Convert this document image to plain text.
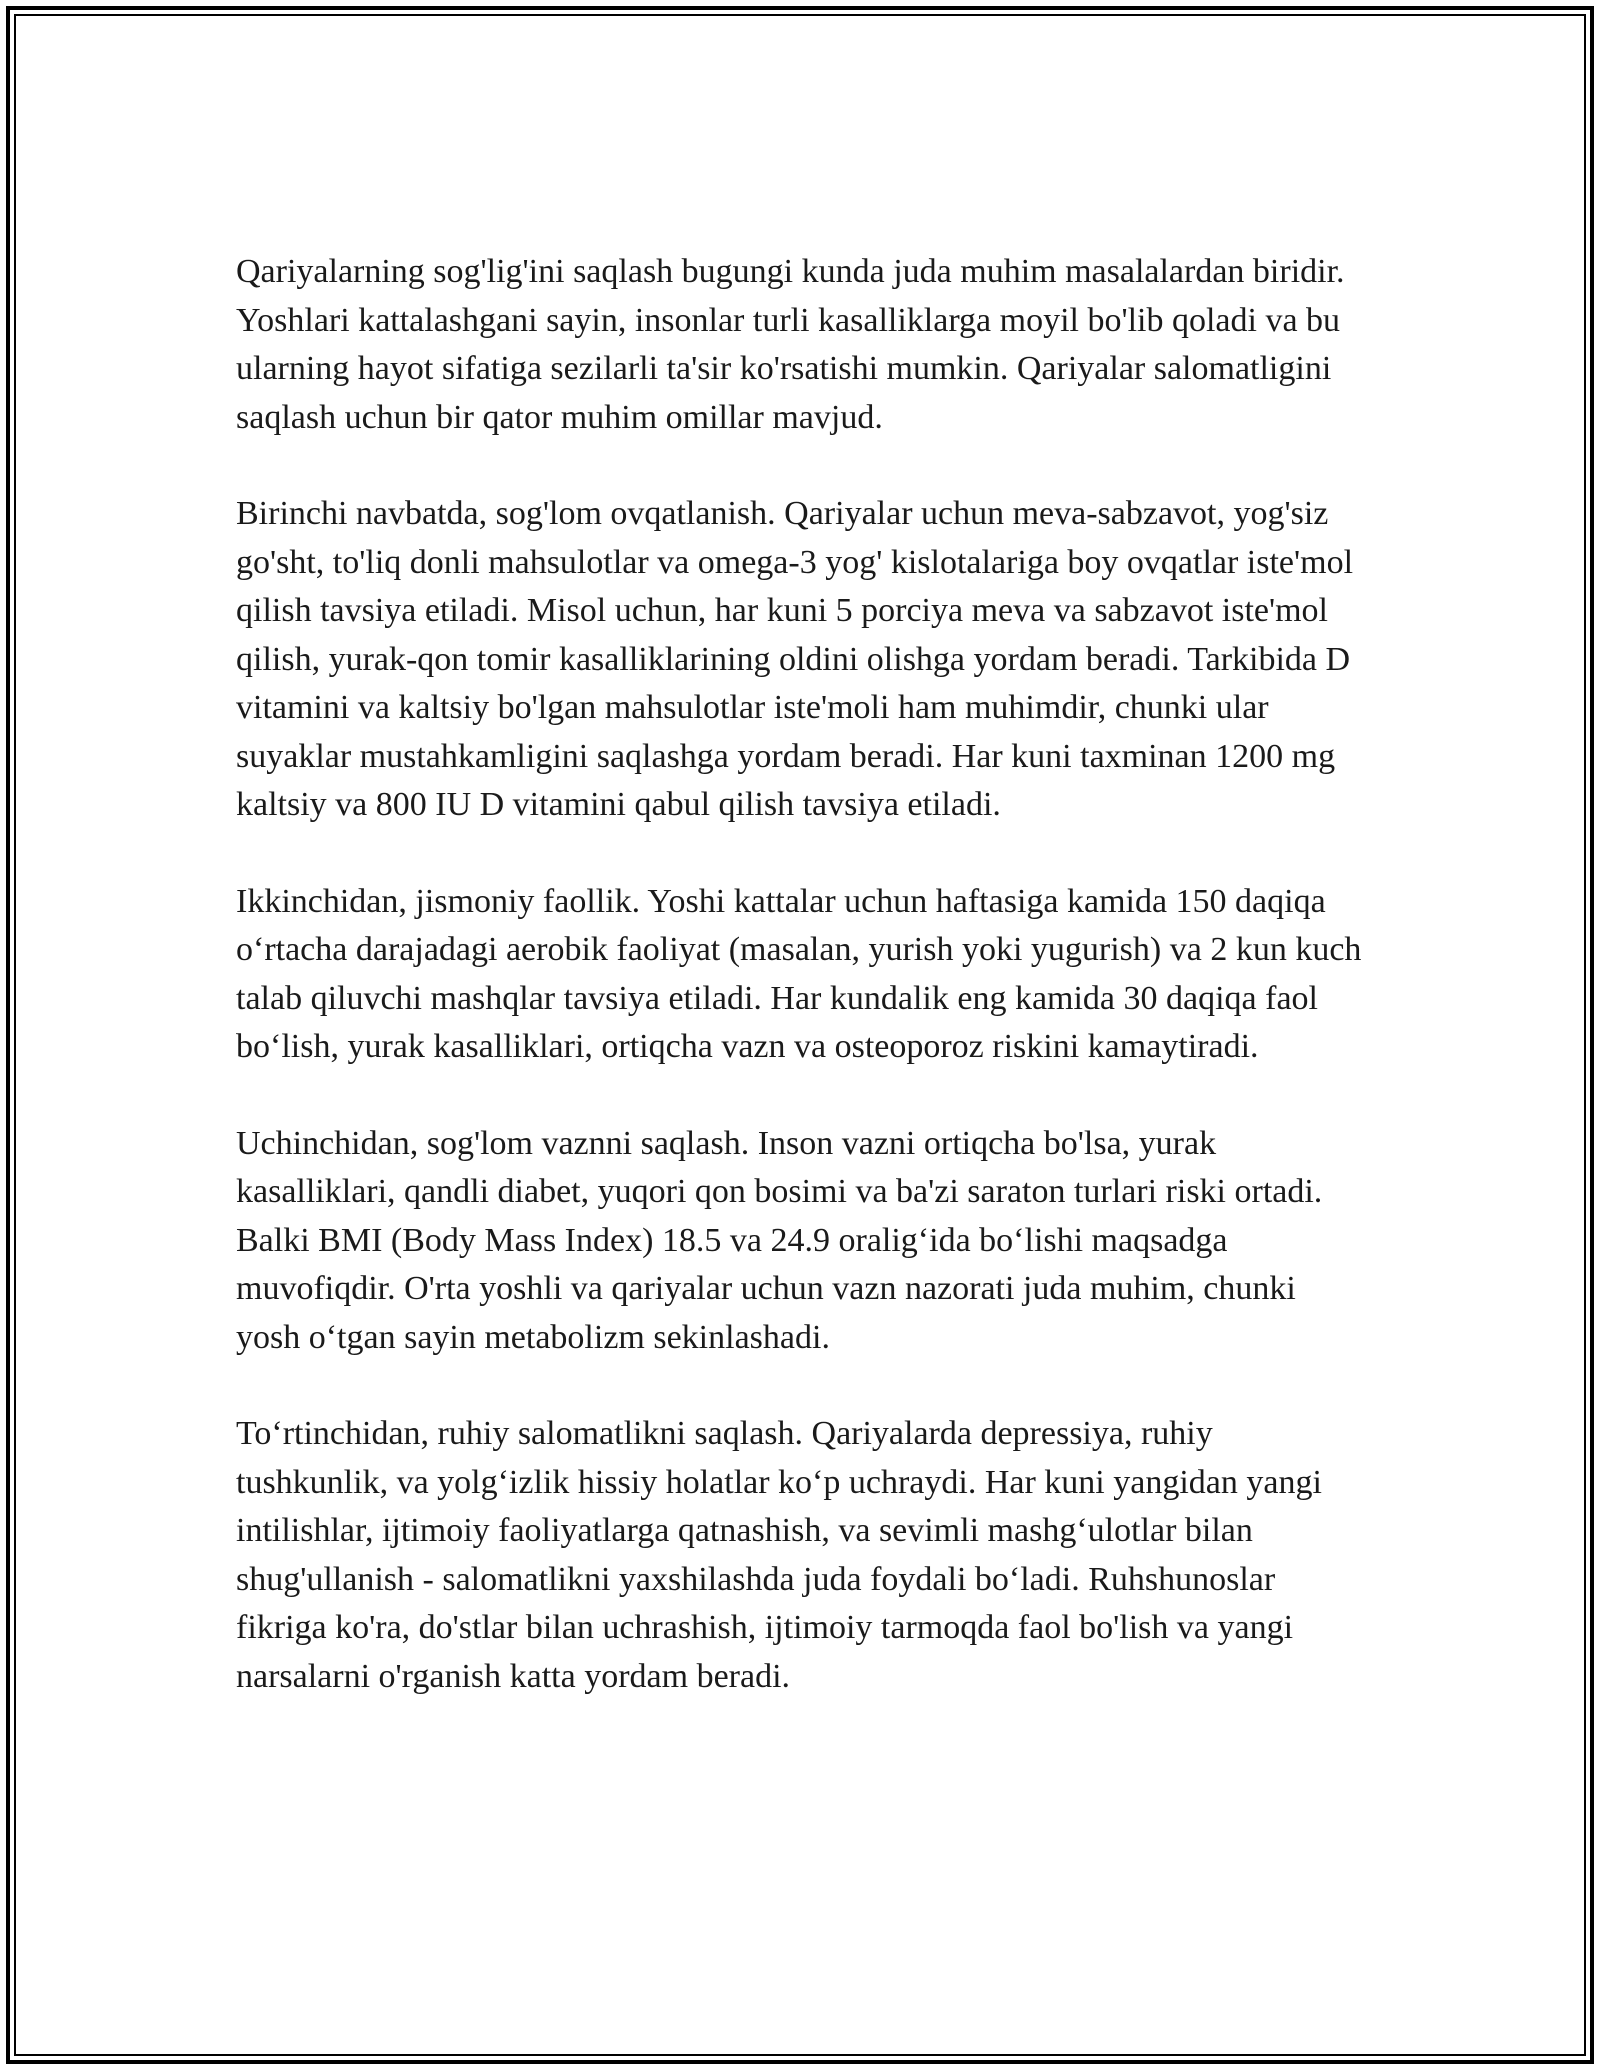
Qariyalarning sog'lig'ini saqlash bugungi kunda juda muhim masalalardan biridir. Yoshlari kattalashgani sayin, insonlar turli kasalliklarga moyil bo'lib qoladi va bu ularning hayot sifatiga sezilarli ta'sir ko'rsatishi mumkin. Qariyalar salomatligini saqlash uchun bir qator muhim omillar mavjud.

Birinchi navbatda, sog'lom ovqatlanish. Qariyalar uchun meva-sabzavot, yog'siz go'sht, to'liq donli mahsulotlar va omega-3 yog' kislotalariga boy ovqatlar iste'mol qilish tavsiya etiladi. Misol uchun, har kuni 5 porciya meva va sabzavot iste'mol qilish, yurak-qon tomir kasalliklarining oldini olishga yordam beradi. Tarkibida D vitamini va kaltsiy bo'lgan mahsulotlar iste'moli ham muhimdir, chunki ular suyaklar mustahkamligini saqlashga yordam beradi. Har kuni taxminan 1200 mg kaltsiy va 800 IU D vitamini qabul qilish tavsiya etiladi.

Ikkinchidan, jismoniy faollik. Yoshi kattalar uchun haftasiga kamida 150 daqiqa o‘rtacha darajadagi aerobik faoliyat (masalan, yurish yoki yugurish) va 2 kun kuch talab qiluvchi mashqlar tavsiya etiladi. Har kundalik eng kamida 30 daqiqa faol bo‘lish, yurak kasalliklari, ortiqcha vazn va osteoporoz riskini kamaytiradi.

Uchinchidan, sog'lom vaznni saqlash. Inson vazni ortiqcha bo'lsa, yurak kasalliklari, qandli diabet, yuqori qon bosimi va ba'zi saraton turlari riski ortadi. Balki BMI (Body Mass Index) 18.5 va 24.9 oralig‘ida bo‘lishi maqsadga muvofiqdir. O'rta yoshli va qariyalar uchun vazn nazorati juda muhim, chunki yosh o‘tgan sayin metabolizm sekinlashadi.

To‘rtinchidan, ruhiy salomatlikni saqlash. Qariyalarda depressiya, ruhiy tushkunlik, va yolg‘izlik hissiy holatlar ko‘p uchraydi. Har kuni yangidan yangi intilishlar, ijtimoiy faoliyatlarga qatnashish, va sevimli mashg‘ulotlar bilan shug'ullanish - salomatlikni yaxshilashda juda foydali bo‘ladi. Ruhshunoslar fikriga ko'ra, do'stlar bilan uchrashish, ijtimoiy tarmoqda faol bo'lish va yangi narsalarni o'rganish katta yordam beradi.
